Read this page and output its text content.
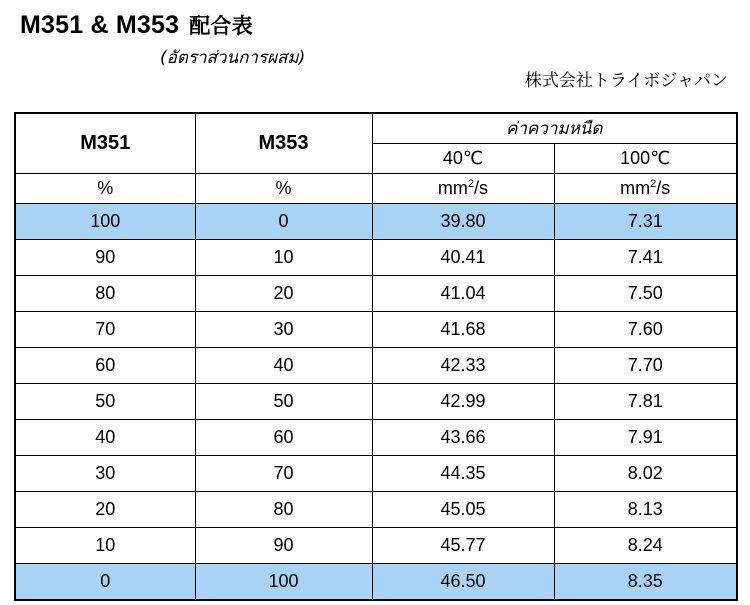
M351 & M353 配合表
(อัตราส่วนการผสม)
株式会社トライボジャパン
M351	M353	ค่าความหนืด	
		40℃	100℃
%	%	$mm^2/s$	$mm^2/s$
100	0	39.80	7.31
90	10	40.41	7.41
80	20	41.04	7.50
70	30	41.68	7.60
60	40	42.33	7.70
50	50	42.99	7.81
40	60	43.66	7.91
30	70	44.35	8.02
20	80	45.05	8.13
10	90	45.77	8.24
0	100	46.50	8.35
